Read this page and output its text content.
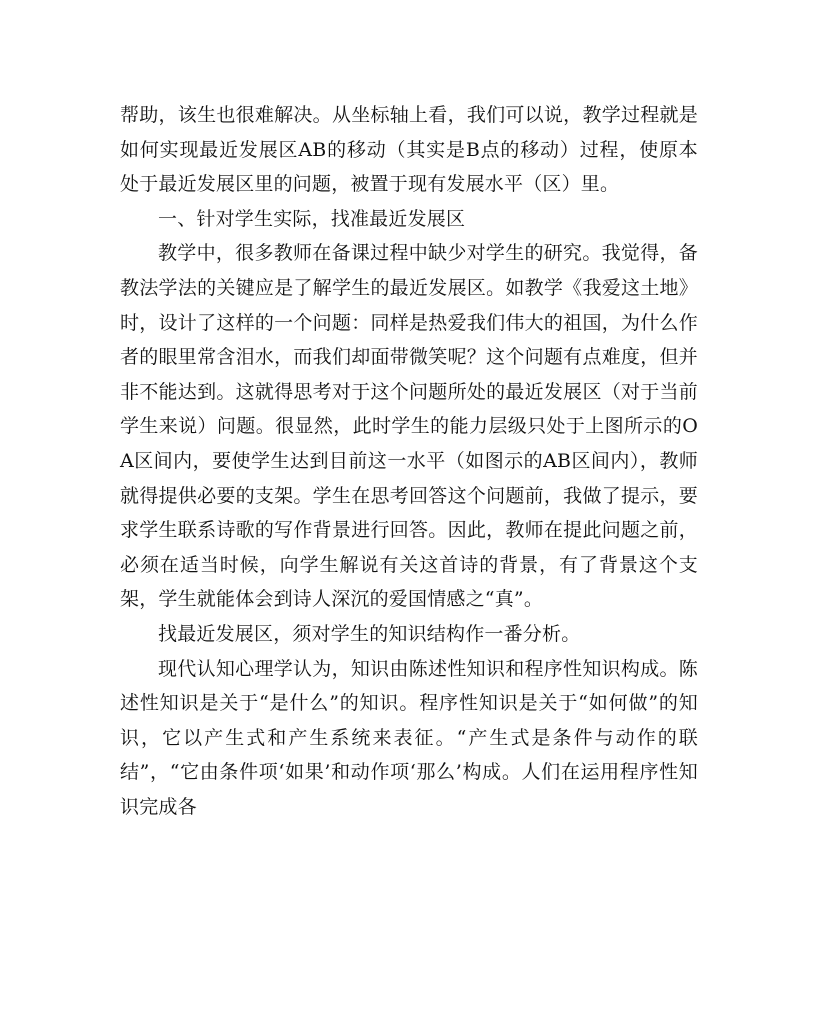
帮助，该生也很难解决。从坐标轴上看，我们可以说，教学过程就是如何实现最近发展区AB的移动（其实是B点的移动）过程，使原本处于最近发展区里的问题，被置于现有发展水平（区）里。

一、针对学生实际，找准最近发展区

教学中，很多教师在备课过程中缺少对学生的研究。我觉得，备教法学法的关键应是了解学生的最近发展区。如教学《我爱这土地》时，设计了这样的一个问题：同样是热爱我们伟大的祖国，为什么作者的眼里常含泪水，而我们却面带微笑呢？这个问题有点难度，但并非不能达到。这就得思考对于这个问题所处的最近发展区（对于当前学生来说）问题。很显然，此时学生的能力层级只处于上图所示的OA区间内，要使学生达到目前这一水平（如图示的AB区间内），教师就得提供必要的支架。学生在思考回答这个问题前，我做了提示，要求学生联系诗歌的写作背景进行回答。因此，教师在提此问题之前，必须在适当时候，向学生解说有关这首诗的背景，有了背景这个支架，学生就能体会到诗人深沉的爱国情感之“真”。

找最近发展区，须对学生的知识结构作一番分析。

现代认知心理学认为，知识由陈述性知识和程序性知识构成。陈述性知识是关于“是什么”的知识。程序性知识是关于“如何做”的知识，它以产生式和产生系统来表征。“产生式是条件与动作的联结”，“它由条件项‘如果’和动作项‘那么’构成。人们在运用程序性知识完成各
